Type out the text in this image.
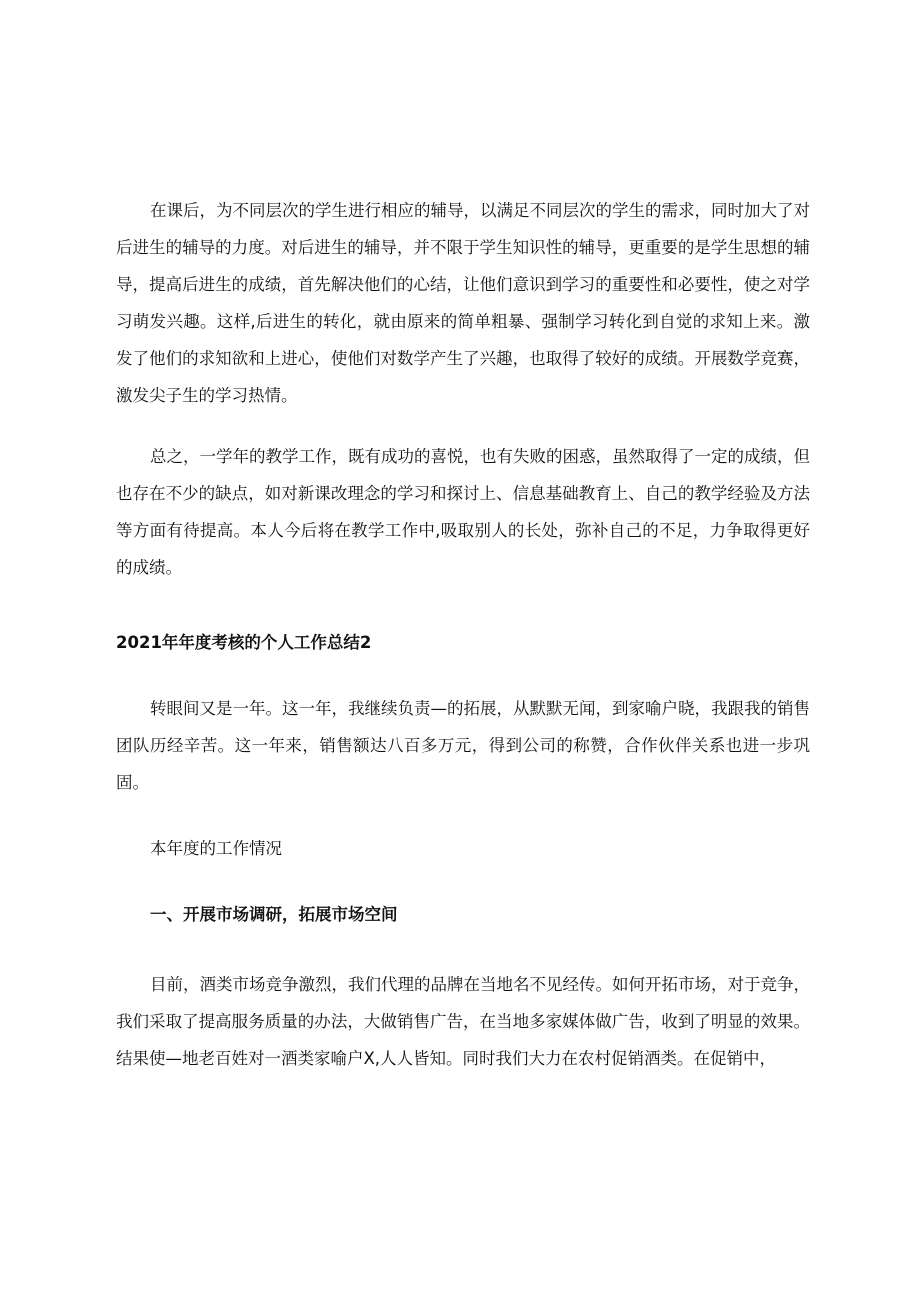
在课后，为不同层次的学生进行相应的辅导，以满足不同层次的学生的需求，同时加大了对后进生的辅导的力度。对后进生的辅导，并不限于学生知识性的辅导，更重要的是学生思想的辅导，提高后进生的成绩，首先解决他们的心结，让他们意识到学习的重要性和必要性，使之对学习萌发兴趣。这样,后进生的转化，就由原来的简单粗暴、强制学习转化到自觉的求知上来。激发了他们的求知欲和上进心，使他们对数学产生了兴趣，也取得了较好的成绩。开展数学竞赛，激发尖子生的学习热情。

总之，一学年的教学工作，既有成功的喜悦，也有失败的困惑，虽然取得了一定的成绩，但也存在不少的缺点，如对新课改理念的学习和探讨上、信息基础教育上、自己的教学经验及方法等方面有待提高。本人今后将在教学工作中,吸取别人的长处，弥补自己的不足，力争取得更好的成绩。

2021年年度考核的个人工作总结2

转眼间又是一年。这一年，我继续负责—的拓展，从默默无闻，到家喻户晓，我跟我的销售团队历经辛苦。这一年来，销售额达八百多万元，得到公司的称赞，合作伙伴关系也进一步巩固。

本年度的工作情况

一、开展市场调研，拓展市场空间

目前，酒类市场竞争激烈，我们代理的品牌在当地名不见经传。如何开拓市场，对于竞争，我们采取了提高服务质量的办法，大做销售广告，在当地多家媒体做广告，收到了明显的效果。结果使—地老百姓对一酒类家喻户X,人人皆知。同时我们大力在农村促销酒类。在促销中，
